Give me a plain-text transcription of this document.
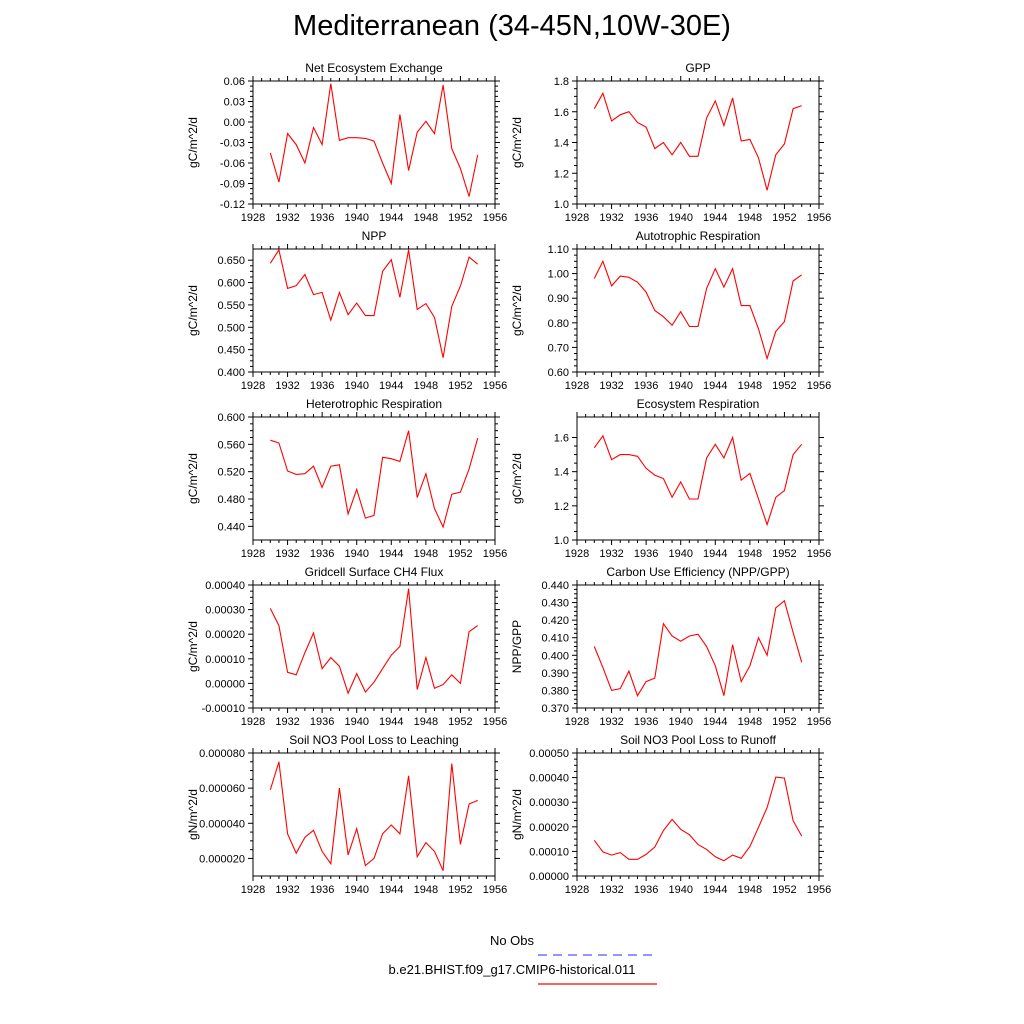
Mediterranean (34-45N,10W-30E)
1928 1932 1936 1940 1944 1948 1952 1956
-0.12
-0.09
-0.06
-0.03
0.00
0.03
0.06
Net Ecosystem Exchange
gC/m^2/d
1928 1932 1936 1940 1944 1948 1952 1956
1.0
1.2
1.4
1.6
1.8
GPP
gC/m^2/d
1928 1932 1936 1940 1944 1948 1952 1956
0.400
0.450
0.500
0.550
0.600
0.650
NPP
gC/m^2/d
1928 1932 1936 1940 1944 1948 1952 1956
0.60
0.70
0.80
0.90
1.00
1.10
Autotrophic Respiration
gC/m^2/d
1928 1932 1936 1940 1944 1948 1952 1956
0.440
0.480
0.520
0.560
0.600
Heterotrophic Respiration
gC/m^2/d
1928 1932 1936 1940 1944 1948 1952 1956
1.0
1.2
1.4
1.6
Ecosystem Respiration
gC/m^2/d
1928 1932 1936 1940 1944 1948 1952 1956
-0.00010
0.00000
0.00010
0.00020
0.00030
0.00040
Gridcell Surface CH4 Flux
gC/m^2/d
1928 1932 1936 1940 1944 1948 1952 1956
0.370
0.380
0.390
0.400
0.410
0.420
0.430
0.440
Carbon Use Efficiency (NPP/GPP)
NPP/GPP
1928 1932 1936 1940 1944 1948 1952 1956
0.000020
0.000040
0.000060
0.000080
Soil NO3 Pool Loss to Leaching
gN/m^2/d
1928 1932 1936 1940 1944 1948 1952 1956
0.00000
0.00010
0.00020
0.00030
0.00040
0.00050
Soil NO3 Pool Loss to Runoff
gN/m^2/d
No Obs
b.e21.BHIST.f09_g17.CMIP6-historical.011
